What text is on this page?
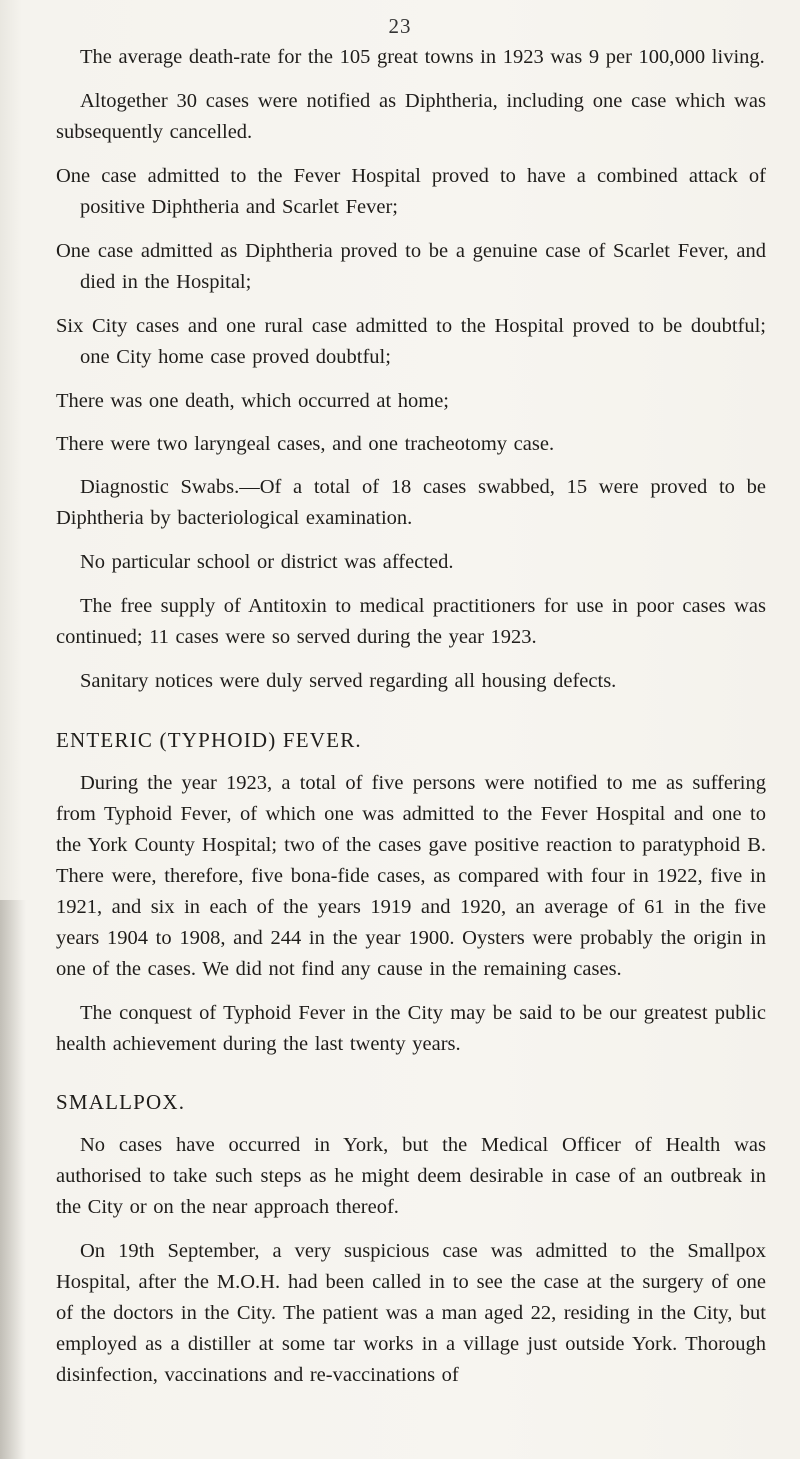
23

The average death-rate for the 105 great towns in 1923 was 9 per 100,000 living.

Altogether 30 cases were notified as Diphtheria, including one case which was subsequently cancelled.

One case admitted to the Fever Hospital proved to have a combined attack of positive Diphtheria and Scarlet Fever;

One case admitted as Diphtheria proved to be a genuine case of Scarlet Fever, and died in the Hospital;

Six City cases and one rural case admitted to the Hospital proved to be doubtful; one City home case proved doubtful;

There was one death, which occurred at home;

There were two laryngeal cases, and one tracheotomy case.

Diagnostic Swabs.—Of a total of 18 cases swabbed, 15 were proved to be Diphtheria by bacteriological examination.

No particular school or district was affected.

The free supply of Antitoxin to medical practitioners for use in poor cases was continued; 11 cases were so served during the year 1923.

Sanitary notices were duly served regarding all housing defects.

ENTERIC (TYPHOID) FEVER.

During the year 1923, a total of five persons were notified to me as suffering from Typhoid Fever, of which one was admitted to the Fever Hospital and one to the York County Hospital; two of the cases gave positive reaction to paratyphoid B. There were, therefore, five bona-fide cases, as compared with four in 1922, five in 1921, and six in each of the years 1919 and 1920, an average of 61 in the five years 1904 to 1908, and 244 in the year 1900. Oysters were probably the origin in one of the cases. We did not find any cause in the remaining cases.

The conquest of Typhoid Fever in the City may be said to be our greatest public health achievement during the last twenty years.

SMALLPOX.

No cases have occurred in York, but the Medical Officer of Health was authorised to take such steps as he might deem desirable in case of an outbreak in the City or on the near approach thereof.

On 19th September, a very suspicious case was admitted to the Smallpox Hospital, after the M.O.H. had been called in to see the case at the surgery of one of the doctors in the City. The patient was a man aged 22, residing in the City, but employed as a distiller at some tar works in a village just outside York. Thorough disinfection, vaccinations and re-vaccinations of
